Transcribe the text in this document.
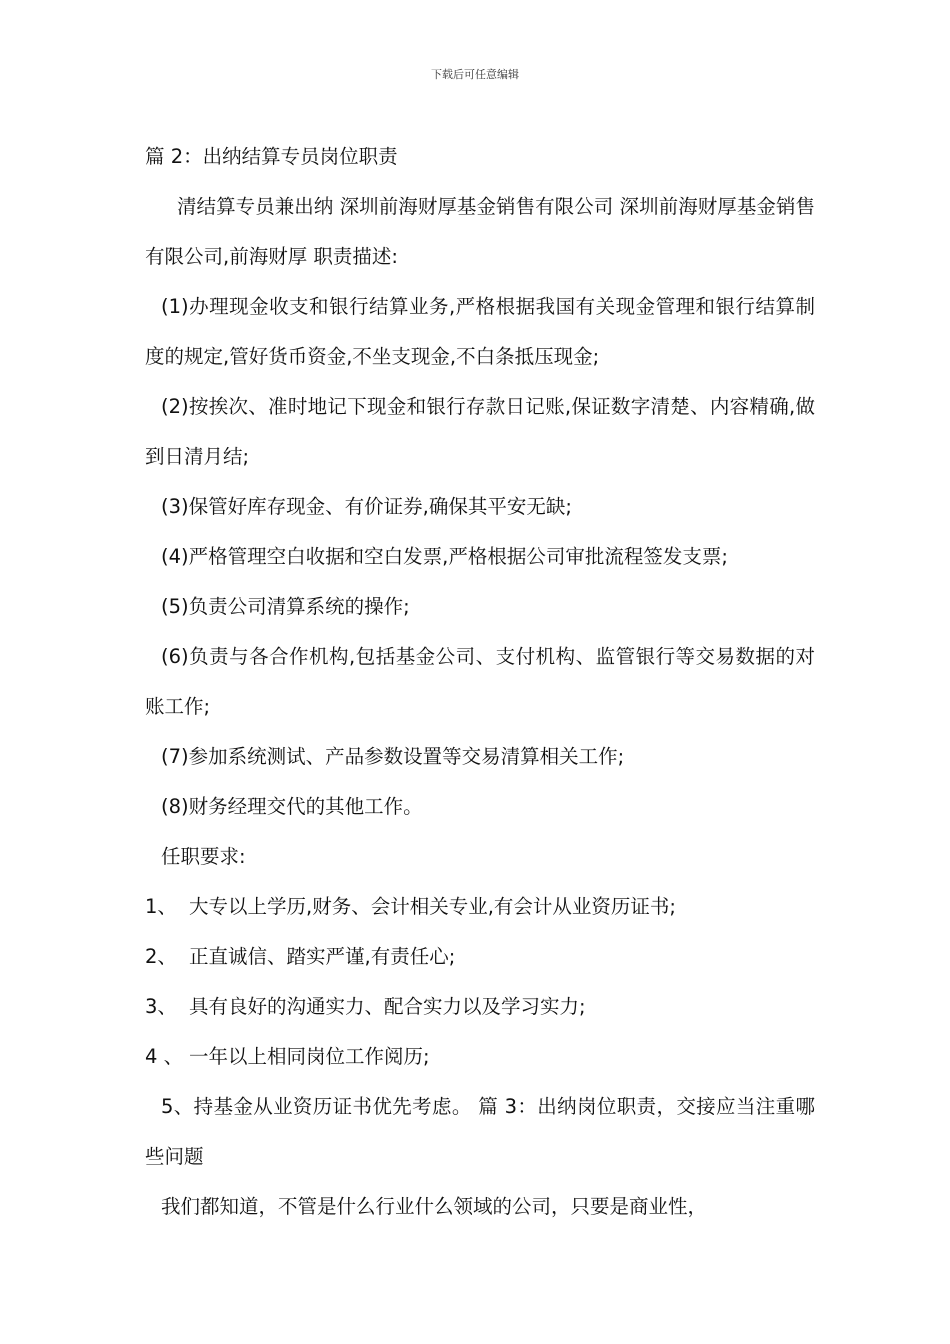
下载后可任意编辑

篇 2：出纳结算专员岗位职责

清结算专员兼出纳 深圳前海财厚基金销售有限公司 深圳前海财厚基金销售有限公司,前海财厚 职责描述:

(1)办理现金收支和银行结算业务,严格根据我国有关现金管理和银行结算制度的规定,管好货币资金,不坐支现金,不白条抵压现金;

(2)按挨次、准时地记下现金和银行存款日记账,保证数字清楚、内容精确,做到日清月结;

(3)保管好库存现金、有价证券,确保其平安无缺;

(4)严格管理空白收据和空白发票,严格根据公司审批流程签发支票;

(5)负责公司清算系统的操作;

(6)负责与各合作机构,包括基金公司、支付机构、监管银行等交易数据的对账工作;

(7)参加系统测试、产品参数设置等交易清算相关工作;

(8)财务经理交代的其他工作。

任职要求:

1、 大专以上学历,财务、会计相关专业,有会计从业资历证书;

2、 正直诚信、踏实严谨,有责任心;

3、 具有良好的沟通实力、配合实力以及学习实力;

4 、 一年以上相同岗位工作阅历;

5、持基金从业资历证书优先考虑。 篇 3：出纳岗位职责，交接应当注重哪些问题

我们都知道，不管是什么行业什么领域的公司，只要是商业性，
